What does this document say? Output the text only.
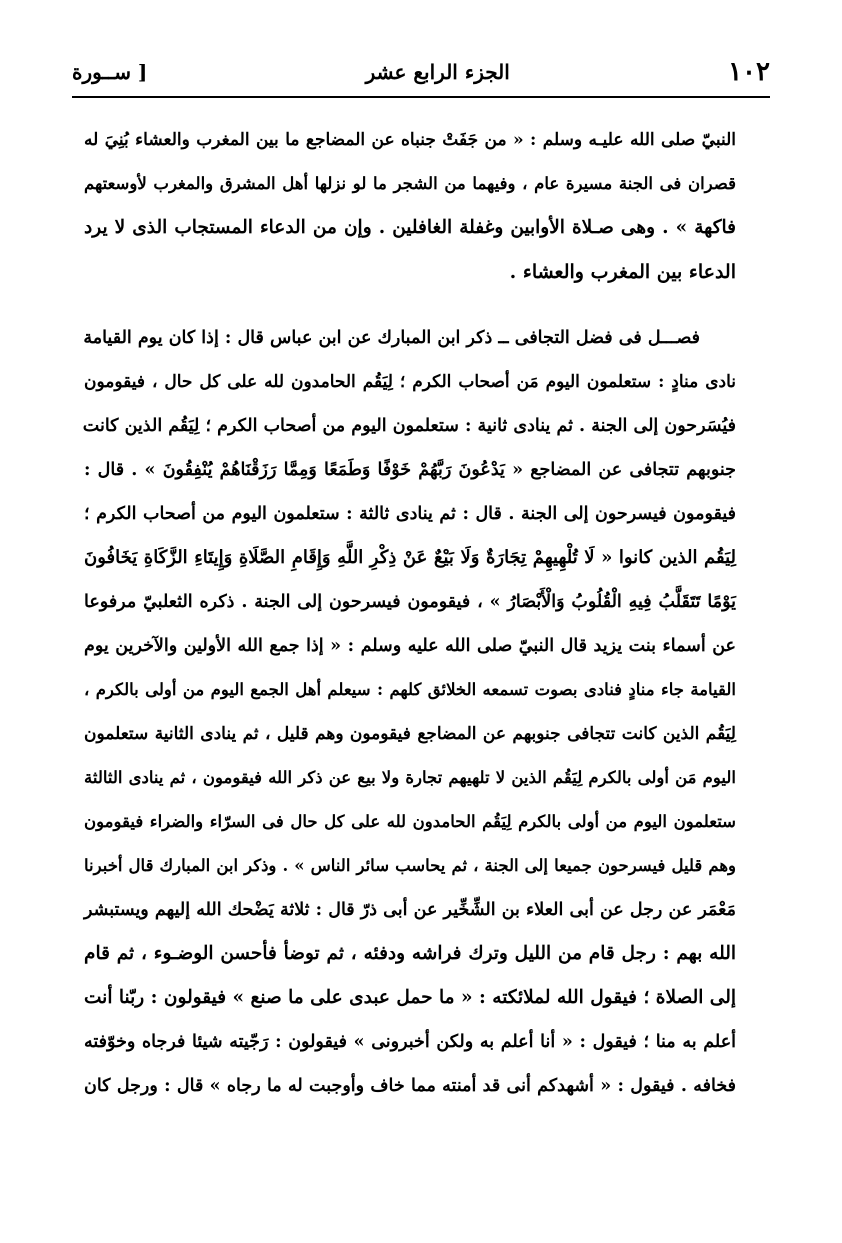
١٠٢
الجزء الرابع عشر
[ ســورة
النبيّ صلى الله عليـه وسلم : « من جَفَتْ جنباه عن المضاجع ما بين المغرب والعشاء بُنِيَ له
قصران فى الجنة مسيرة عام ، وفيهما من الشجر ما لو نزلها أهل المشرق والمغرب لأوسعتهم
فاكهة » . وهى صـلاة الأوابين وغفلة الغافلين . وإن من الدعاء المستجاب الذى لا يرد
الدعاء بين المغرب والعشاء .
فصـــل فى فضل التجافى ــ ذكر ابن المبارك عن ابن عباس قال : إذا كان يوم القيامة
نادى منادٍ : ستعلمون اليوم مَن أصحاب الكرم ؛ لِيَقُم الحامدون لله على كل حال ، فيقومون
فيُسَرحون إلى الجنة . ثم ينادى ثانية : ستعلمون اليوم من أصحاب الكرم ؛ لِيَقُم الذين كانت
جنوبهم تتجافى عن المضاجع « يَدْعُونَ رَبَّهُمْ خَوْفًا وَطَمَعًا وَمِمَّا رَزَقْنَاهُمْ يُنْفِقُونَ » . قال :
فيقومون فيسرحون إلى الجنة . قال : ثم ينادى ثالثة : ستعلمون اليوم من أصحاب الكرم ؛
لِيَقُم الذين كانوا « لَا تُلْهِيهِمْ تِجَارَةٌ وَلَا بَيْعٌ عَنْ ذِكْرِ اللَّهِ وَإِقَامِ الصَّلَاةِ وَإِيتَاءِ الزَّكَاةِ يَخَافُونَ
يَوْمًا تَتَقَلَّبُ فِيهِ الْقُلُوبُ وَالْأَبْصَارُ » ، فيقومون فيسرحون إلى الجنة . ذكره الثعلبيّ مرفوعا
عن أسماء بنت يزيد قال النبيّ صلى الله عليه وسلم : « إذا جمع الله الأولين والآخرين يوم
القيامة جاء منادٍ فنادى بصوت تسمعه الخلائق كلهم : سيعلم أهل الجمع اليوم من أولى بالكرم ،
لِيَقُم الذين كانت تتجافى جنوبهم عن المضاجع فيقومون وهم قليل ، ثم ينادى الثانية ستعلمون
اليوم مَن أولى بالكرم لِيَقُم الذين لا تلهيهم تجارة ولا بيع عن ذكر الله فيقومون ، ثم ينادى الثالثة
ستعلمون اليوم من أولى بالكرم لِيَقُم الحامدون لله على كل حال فى السرّاء والضراء فيقومون
وهم قليل فيسرحون جميعا إلى الجنة ، ثم يحاسب سائر الناس » . وذكر ابن المبارك قال أخبرنا
مَعْمَر عن رجل عن أبى العلاء بن الشِّخِّير عن أبى ذرّ قال : ثلاثة يَضْحك الله إليهم ويستبشر
الله بهم : رجل قام من الليل وترك فراشه ودفئه ، ثم توضأ فأحسن الوضـوء ، ثم قام
إلى الصلاة ؛ فيقول الله لملائكته : « ما حمل عبدى على ما صنع » فيقولون : ربّنا أنت
أعلم به منا ؛ فيقول : « أنا أعلم به ولكن أخبرونى » فيقولون : رَجّيته شيئا فرجاه وخوّفته
فخافه . فيقول : « أشهدكم أنى قد أمنته مما خاف وأوجبت له ما رجاه » قال : ورجل كان
